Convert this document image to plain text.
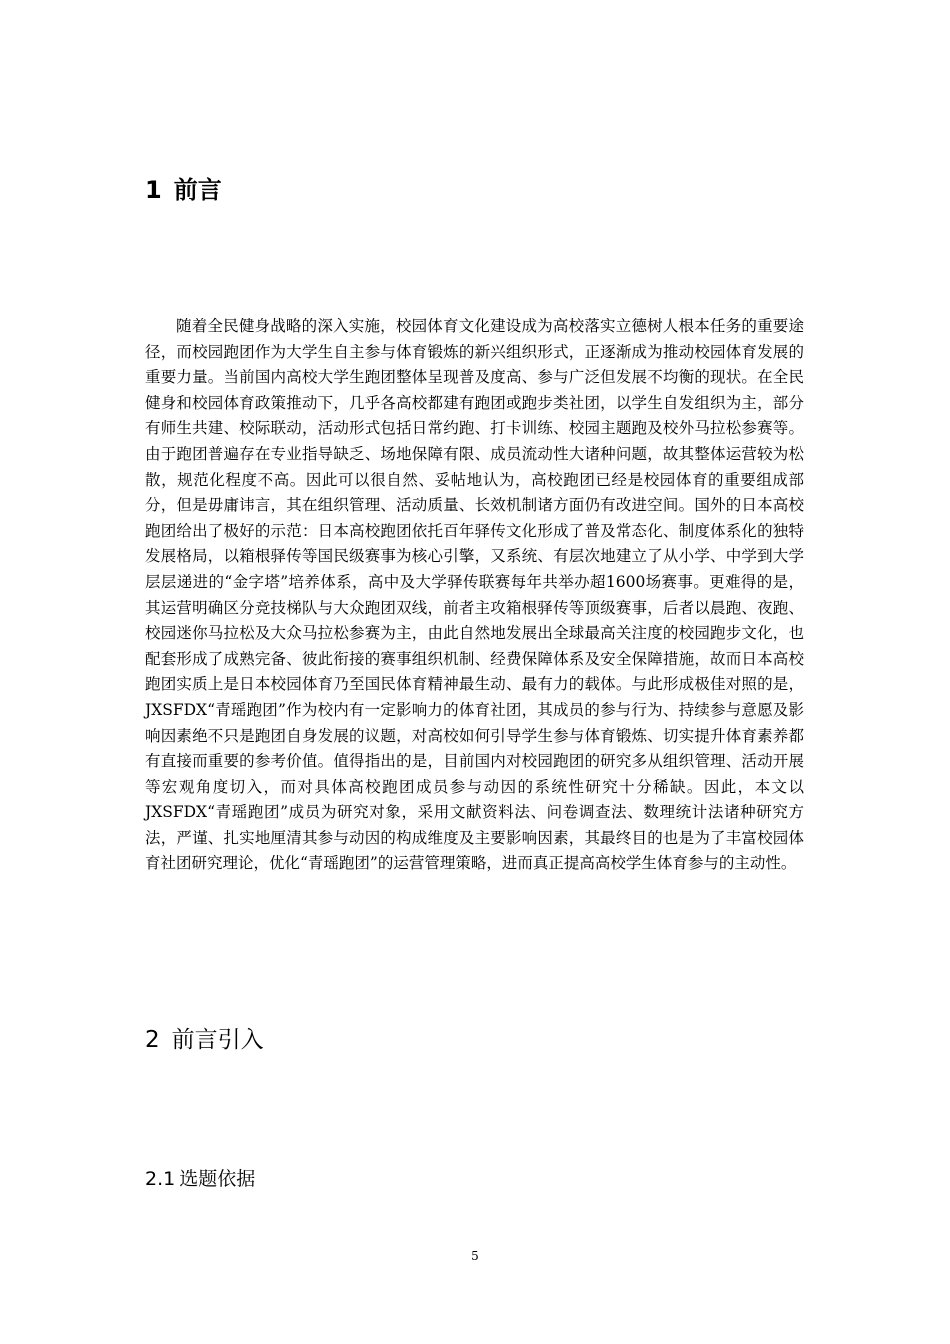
1 前言

随着全民健身战略的深入实施，校园体育文化建设成为高校落实立德树人根本任务的重要途径，而校园跑团作为大学生自主参与体育锻炼的新兴组织形式，正逐渐成为推动校园体育发展的重要力量。当前国内高校大学生跑团整体呈现普及度高、参与广泛但发展不均衡的现状。在全民健身和校园体育政策推动下，几乎各高校都建有跑团或跑步类社团，以学生自发组织为主，部分有师生共建、校际联动，活动形式包括日常约跑、打卡训练、校园主题跑及校外马拉松参赛等。由于跑团普遍存在专业指导缺乏、场地保障有限、成员流动性大诸种问题，故其整体运营较为松散，规范化程度不高。因此可以很自然、妥帖地认为，高校跑团已经是校园体育的重要组成部分，但是毋庸讳言，其在组织管理、活动质量、长效机制诸方面仍有改进空间。国外的日本高校跑团给出了极好的示范：日本高校跑团依托百年驿传文化形成了普及常态化、制度体系化的独特发展格局，以箱根驿传等国民级赛事为核心引擎，又系统、有层次地建立了从小学、中学到大学层层递进的“金字塔”培养体系，高中及大学驿传联赛每年共举办超1600场赛事。更难得的是，其运营明确区分竞技梯队与大众跑团双线，前者主攻箱根驿传等顶级赛事，后者以晨跑、夜跑、校园迷你马拉松及大众马拉松参赛为主，由此自然地发展出全球最高关注度的校园跑步文化，也配套形成了成熟完备、彼此衔接的赛事组织机制、经费保障体系及安全保障措施，故而日本高校跑团实质上是日本校园体育乃至国民体育精神最生动、最有力的载体。与此形成极佳对照的是，JXSFDX“青瑶跑团”作为校内有一定影响力的体育社团，其成员的参与行为、持续参与意愿及影响因素绝不只是跑团自身发展的议题，对高校如何引导学生参与体育锻炼、切实提升体育素养都有直接而重要的参考价值。值得指出的是，目前国内对校园跑团的研究多从组织管理、活动开展等宏观角度切入，而对具体高校跑团成员参与动因的系统性研究十分稀缺。因此，本文以JXSFDX“青瑶跑团”成员为研究对象，采用文献资料法、问卷调查法、数理统计法诸种研究方法，严谨、扎实地厘清其参与动因的构成维度及主要影响因素，其最终目的也是为了丰富校园体育社团研究理论，优化“青瑶跑团”的运营管理策略，进而真正提高高校学生体育参与的主动性。

2 前言引入
2.1 选题依据
5
